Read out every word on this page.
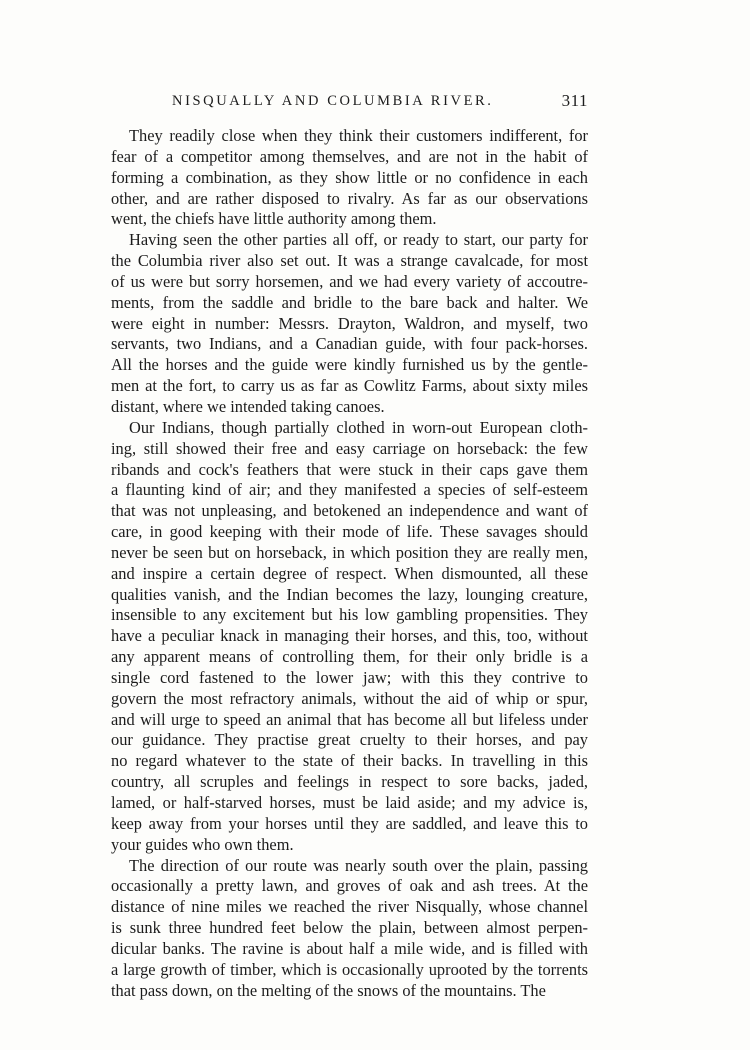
NISQUALLY AND COLUMBIA RIVER.	311
They readily close when they think their customers indifferent, for
fear of a competitor among themselves, and are not in the habit of
forming a combination, as they show little or no confidence in each
other, and are rather disposed to rivalry. As far as our observations
went, the chiefs have little authority among them.
Having seen the other parties all off, or ready to start, our party for
the Columbia river also set out. It was a strange cavalcade, for most
of us were but sorry horsemen, and we had every variety of accoutre-
ments, from the saddle and bridle to the bare back and halter. We
were eight in number: Messrs. Drayton, Waldron, and myself, two
servants, two Indians, and a Canadian guide, with four pack-horses.
All the horses and the guide were kindly furnished us by the gentle-
men at the fort, to carry us as far as Cowlitz Farms, about sixty miles
distant, where we intended taking canoes.
Our Indians, though partially clothed in worn-out European cloth-
ing, still showed their free and easy carriage on horseback: the few
ribands and cock's feathers that were stuck in their caps gave them
a flaunting kind of air; and they manifested a species of self-esteem
that was not unpleasing, and betokened an independence and want of
care, in good keeping with their mode of life. These savages should
never be seen but on horseback, in which position they are really men,
and inspire a certain degree of respect. When dismounted, all these
qualities vanish, and the Indian becomes the lazy, lounging creature,
insensible to any excitement but his low gambling propensities. They
have a peculiar knack in managing their horses, and this, too, without
any apparent means of controlling them, for their only bridle is a
single cord fastened to the lower jaw; with this they contrive to
govern the most refractory animals, without the aid of whip or spur,
and will urge to speed an animal that has become all but lifeless under
our guidance. They practise great cruelty to their horses, and pay
no regard whatever to the state of their backs. In travelling in this
country, all scruples and feelings in respect to sore backs, jaded,
lamed, or half-starved horses, must be laid aside; and my advice is,
keep away from your horses until they are saddled, and leave this to
your guides who own them.
The direction of our route was nearly south over the plain, passing
occasionally a pretty lawn, and groves of oak and ash trees. At the
distance of nine miles we reached the river Nisqually, whose channel
is sunk three hundred feet below the plain, between almost perpen-
dicular banks. The ravine is about half a mile wide, and is filled with
a large growth of timber, which is occasionally uprooted by the torrents
that pass down, on the melting of the snows of the mountains. The
